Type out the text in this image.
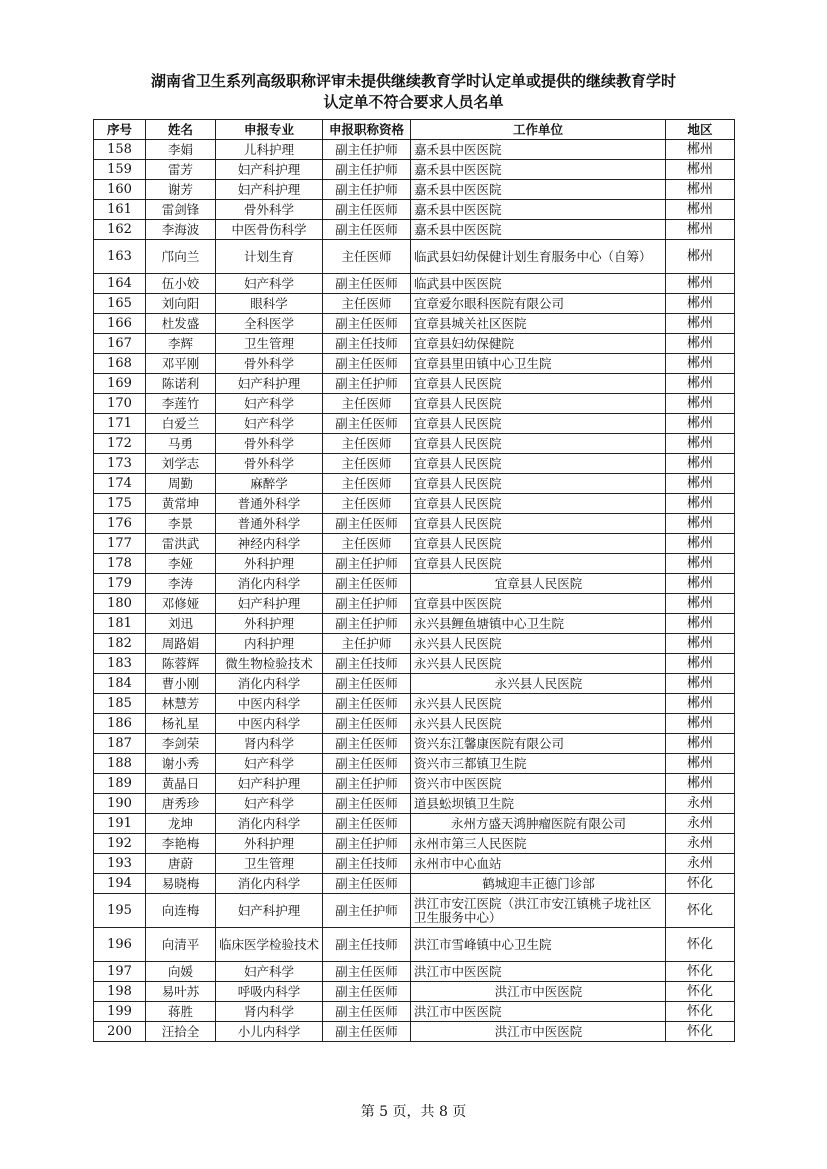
湖南省卫生系列高级职称评审未提供继续教育学时认定单或提供的继续教育学时
认定单不符合要求人员名单
序号	姓名	申报专业	申报职称资格	工作单位	地区
158	李娟	儿科护理	副主任护师	嘉禾县中医医院	郴州
159	雷芳	妇产科护理	副主任护师	嘉禾县中医医院	郴州
160	谢芳	妇产科护理	副主任护师	嘉禾县中医医院	郴州
161	雷剑锋	骨外科学	副主任医师	嘉禾县中医医院	郴州
162	李海波	中医骨伤科学	副主任医师	嘉禾县中医医院	郴州
163	邝向兰	计划生育	主任医师	临武县妇幼保健计划生育服务中心（自筹）	郴州
164	伍小姣	妇产科学	副主任医师	临武县中医医院	郴州
165	刘向阳	眼科学	主任医师	宜章爱尔眼科医院有限公司	郴州
166	杜发盛	全科医学	副主任医师	宜章县城关社区医院	郴州
167	李辉	卫生管理	副主任技师	宜章县妇幼保健院	郴州
168	邓平刚	骨外科学	副主任医师	宜章县里田镇中心卫生院	郴州
169	陈诺利	妇产科护理	副主任护师	宜章县人民医院	郴州
170	李莲竹	妇产科学	主任医师	宜章县人民医院	郴州
171	白爱兰	妇产科学	副主任医师	宜章县人民医院	郴州
172	马勇	骨外科学	主任医师	宜章县人民医院	郴州
173	刘学志	骨外科学	主任医师	宜章县人民医院	郴州
174	周勤	麻醉学	主任医师	宜章县人民医院	郴州
175	黄常坤	普通外科学	主任医师	宜章县人民医院	郴州
176	李景	普通外科学	副主任医师	宜章县人民医院	郴州
177	雷洪武	神经内科学	主任医师	宜章县人民医院	郴州
178	李娅	外科护理	副主任护师	宜章县人民医院	郴州
179	李涛	消化内科学	副主任医师	宜章县人民医院	郴州
180	邓修娅	妇产科护理	副主任护师	宜章县中医医院	郴州
181	刘迅	外科护理	副主任护师	永兴县鲤鱼塘镇中心卫生院	郴州
182	周路娟	内科护理	主任护师	永兴县人民医院	郴州
183	陈蓉辉	微生物检验技术	副主任技师	永兴县人民医院	郴州
184	曹小刚	消化内科学	副主任医师	永兴县人民医院	郴州
185	林慧芳	中医内科学	副主任医师	永兴县人民医院	郴州
186	杨礼星	中医内科学	副主任医师	永兴县人民医院	郴州
187	李剑荣	肾内科学	副主任医师	资兴东江馨康医院有限公司	郴州
188	谢小秀	妇产科学	副主任医师	资兴市三都镇卫生院	郴州
189	黄晶日	妇产科护理	副主任护师	资兴市中医医院	郴州
190	唐秀珍	妇产科学	副主任医师	道县蚣坝镇卫生院	永州
191	龙坤	消化内科学	副主任医师	永州方盛天鸿肿瘤医院有限公司	永州
192	李艳梅	外科护理	副主任护师	永州市第三人民医院	永州
193	唐蔚	卫生管理	副主任技师	永州市中心血站	永州
194	易晓梅	消化内科学	副主任医师	鹤城迎丰正德门诊部	怀化
195	向连梅	妇产科护理	副主任护师	洪江市安江医院（洪江市安江镇桃子垅社区卫生服务中心）	怀化
196	向清平	临床医学检验技术	副主任技师	洪江市雪峰镇中心卫生院	怀化
197	向媛	妇产科学	副主任医师	洪江市中医医院	怀化
198	易叶苏	呼吸内科学	副主任医师	洪江市中医医院	怀化
199	蒋胜	肾内科学	副主任医师	洪江市中医医院	怀化
200	汪拾全	小儿内科学	副主任医师	洪江市中医医院	怀化
第 5 页，共 8 页
